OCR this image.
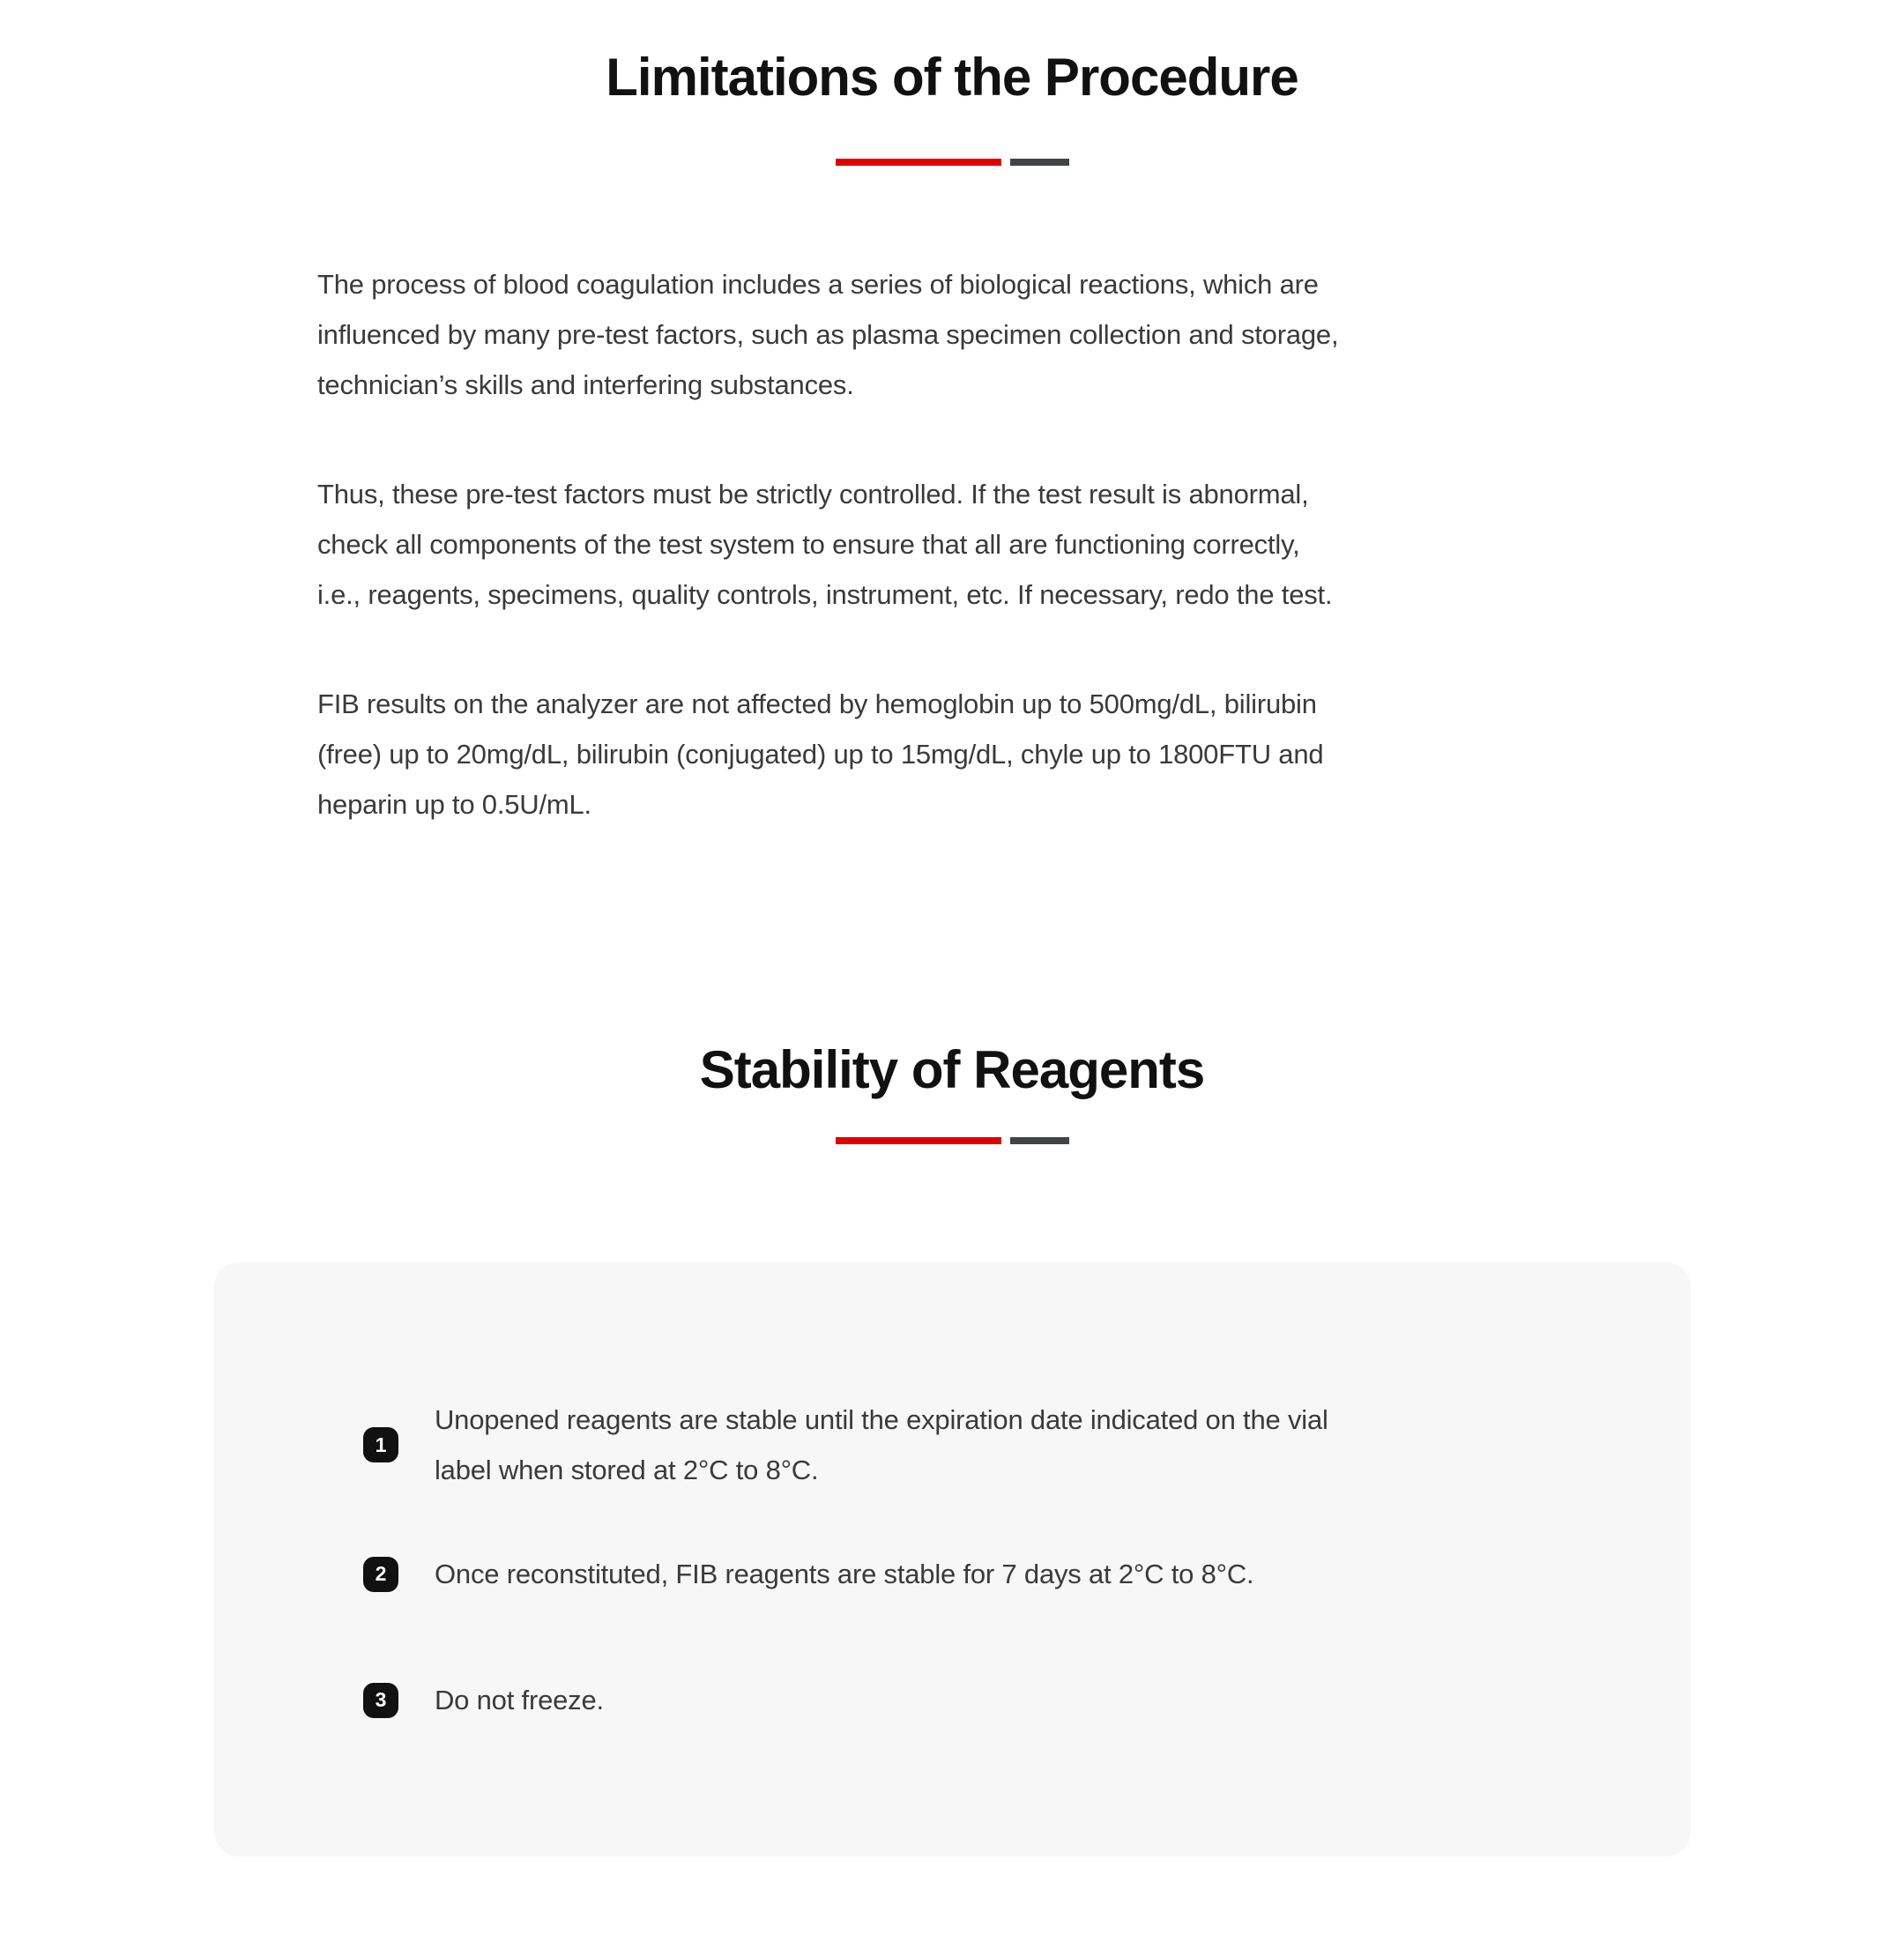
Limitations of the Procedure
The process of blood coagulation includes a series of biological reactions, which are
influenced by many pre-test factors, such as plasma specimen collection and storage,
technician’s skills and interfering substances.
Thus, these pre-test factors must be strictly controlled. If the test result is abnormal,
check all components of the test system to ensure that all are functioning correctly,
i.e., reagents, specimens, quality controls, instrument, etc. If necessary, redo the test.
FIB results on the analyzer are not affected by hemoglobin up to 500mg/dL, bilirubin
(free) up to 20mg/dL, bilirubin (conjugated) up to 15mg/dL, chyle up to 1800FTU and
heparin up to 0.5U/mL.
Stability of Reagents
1
Unopened reagents are stable until the expiration date indicated on the vial
label when stored at 2°C to 8°C.
2	Once reconstituted, FIB reagents are stable for 7 days at 2°C to 8°C.
3	Do not freeze.
